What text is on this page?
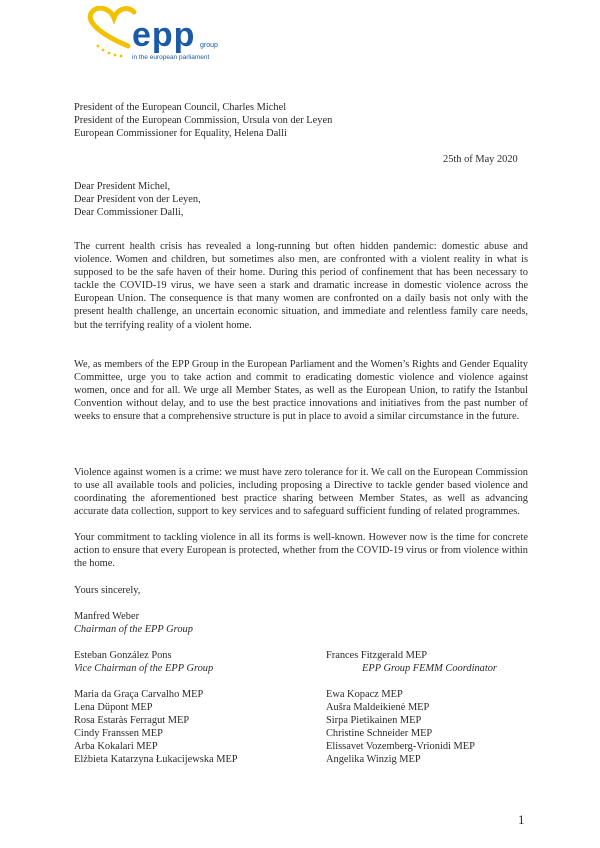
epp group
in the european parliament
President of the European Council, Charles Michel
President of the European Commission, Ursula von der Leyen
European Commissioner for Equality, Helena Dalli
25th of May 2020
Dear President Michel,
Dear President von der Leyen,
Dear Commissioner Dalli,
The current health crisis has revealed a long-running but often hidden pandemic: domestic abuse and violence. Women and children, but sometimes also men, are confronted with a violent reality in what is supposed to be the safe haven of their home. During this period of confinement that has been necessary to tackle the COVID-19 virus, we have seen a stark and dramatic increase in domestic violence across the European Union. The consequence is that many women are confronted on a daily basis not only with the present health challenge, an uncertain economic situation, and immediate and relentless family care needs, but the terrifying reality of a violent home.
We, as members of the EPP Group in the European Parliament and the Women’s Rights and Gender Equality Committee, urge you to take action and commit to eradicating domestic violence and violence against women, once and for all. We urge all Member States, as well as the European Union, to ratify the Istanbul Convention without delay, and to use the best practice innovations and initiatives from the past number of weeks to ensure that a comprehensive structure is put in place to avoid a similar circumstance in the future.
Violence against women is a crime: we must have zero tolerance for it. We call on the European Commission to use all available tools and policies, including proposing a Directive to tackle gender based violence and coordinating the aforementioned best practice sharing between Member States, as well as advancing accurate data collection, support to key services and to safeguard sufficient funding of related programmes.
Your commitment to tackling violence in all its forms is well-known. However now is the time for concrete action to ensure that every European is protected, whether from the COVID-19 virus or from violence within the home.
Yours sincerely,
Manfred Weber
Chairman of the EPP Group
Esteban González Pons
Vice Chairman of the EPP Group
Frances Fitzgerald MEP
EPP Group FEMM Coordinator
Maria da Graça Carvalho MEP
Lena Düpont MEP
Rosa Estaràs Ferragut MEP
Cindy Franssen MEP
Arba Kokalari MEP
Elżbieta Katarzyna Łukacijewska MEP
Ewa Kopacz MEP
Aušra Maldeikienė MEP
Sirpa Pietikainen MEP
Christine Schneider MEP
Elissavet Vozemberg-Vrionidi MEP
Angelika Winzig MEP
1
